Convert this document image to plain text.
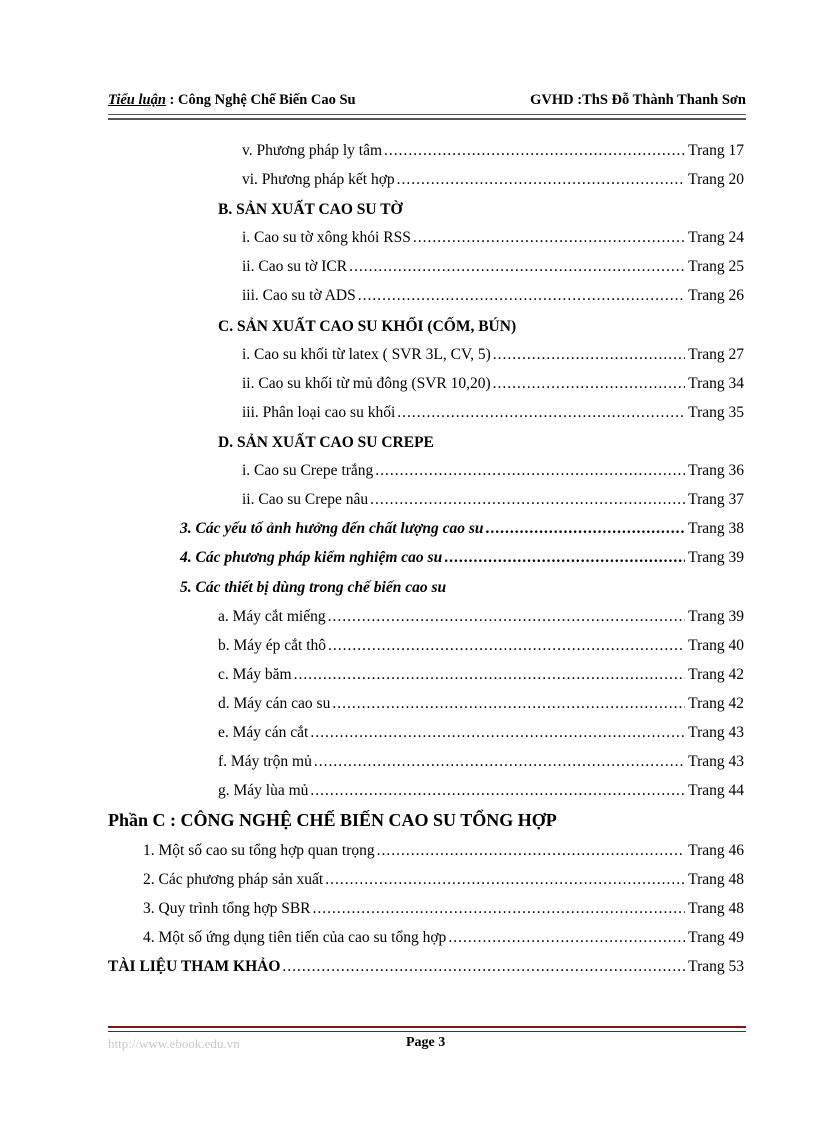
Tiểu luận : Công Nghệ Chế Biến Cao Su	GVHD :ThS Đỗ Thành Thanh Sơn
v. Phương pháp ly tâm .....	Trang 17
vi. Phương pháp kết hợp .....	Trang 20
B. SẢN XUẤT CAO SU TỜ
i. Cao su tờ xông khói RSS .....	Trang 24
ii. Cao su tờ ICR .....	Trang 25
iii. Cao su tờ ADS .....	Trang 26
C. SẢN XUẤT CAO SU KHỐI (CỐM, BÚN)
i. Cao su khối từ latex ( SVR 3L, CV, 5) .....	Trang 27
ii. Cao su khối từ mủ đông (SVR 10,20) .....	Trang 34
iii. Phân loại cao su khối .....	Trang 35
D. SẢN XUẤT CAO SU CREPE
i. Cao su Crepe trắng .....	Trang 36
ii. Cao su Crepe nâu .....	Trang 37
3. Các yếu tố ảnh hưởng đến chất lượng cao su .....	Trang 38
4. Các phương pháp kiểm nghiệm cao su .....	Trang 39
5. Các thiết bị dùng trong chế biến cao su
a. Máy cắt miếng .....	Trang 39
b. Máy ép cắt thô .....	Trang 40
c. Máy băm .....	Trang 42
d. Máy cán cao su .....	Trang 42
e. Máy cán cắt .....	Trang 43
f. Máy trộn mủ .....	Trang 43
g. Máy lùa mủ .....	Trang 44
Phần C : CÔNG NGHỆ CHẾ BIẾN CAO SU TỔNG HỢP
1. Một số cao su tổng hợp quan trọng .....	Trang 46
2. Các phương pháp sản xuất .....	Trang 48
3. Quy trình tổng hợp SBR .....	Trang 48
4. Một số ứng dụng tiên tiến của cao su tổng hợp .....	Trang 49
TÀI LIỆU THAM KHẢO .....	Trang 53
http://www.ebook.edu.vn	Page 3
